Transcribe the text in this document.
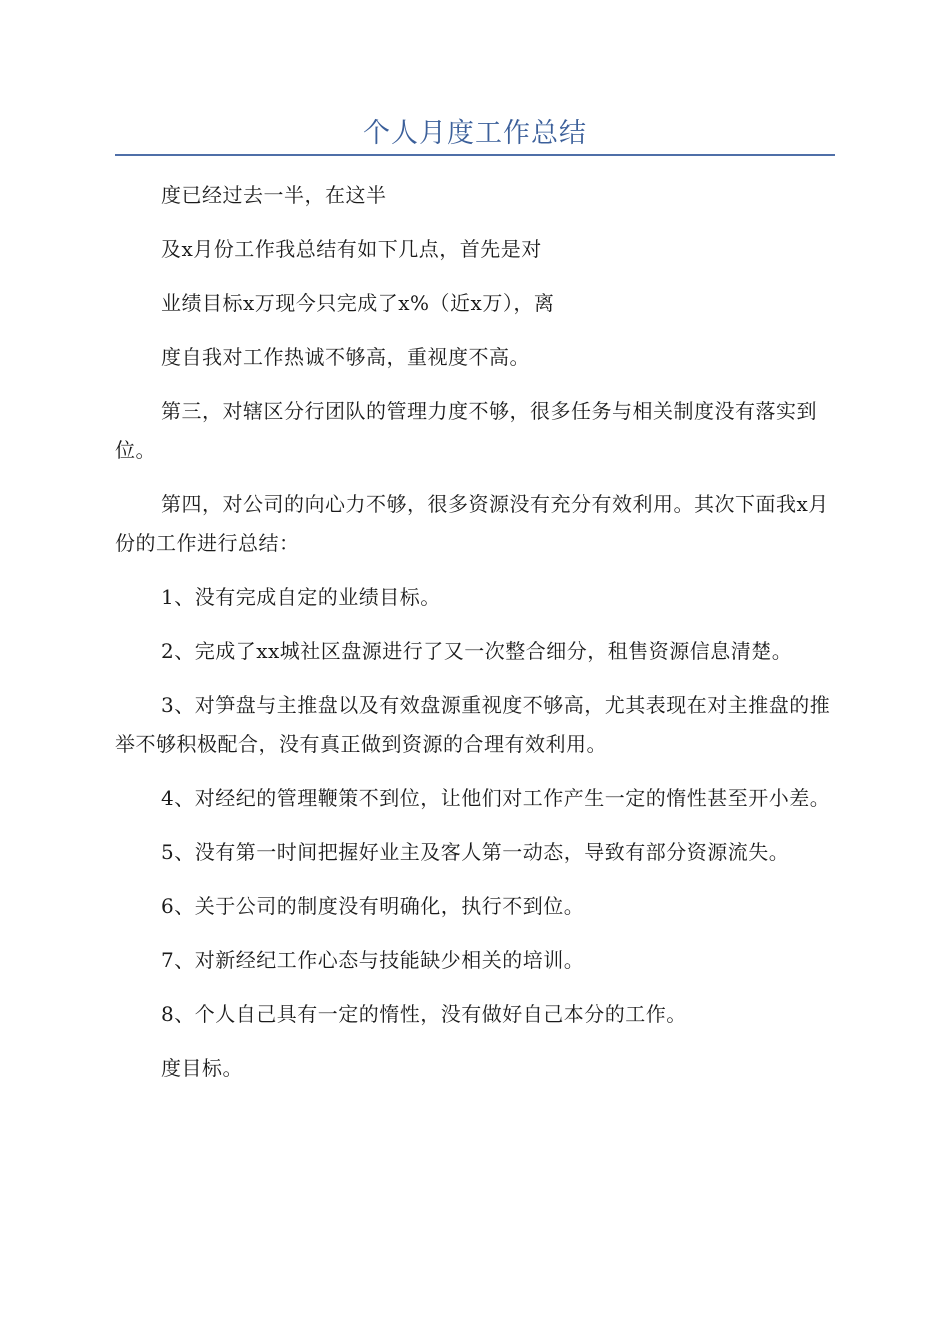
个人月度工作总结

度已经过去一半，在这半

及x月份工作我总结有如下几点，首先是对

业绩目标x万现今只完成了x%（近x万），离

度自我对工作热诚不够高，重视度不高。

第三，对辖区分行团队的管理力度不够，很多任务与相关制度没有落实到位。

第四，对公司的向心力不够，很多资源没有充分有效利用。其次下面我x月份的工作进行总结：

1、没有完成自定的业绩目标。

2、完成了xx城社区盘源进行了又一次整合细分，租售资源信息清楚。

3、对笋盘与主推盘以及有效盘源重视度不够高，尤其表现在对主推盘的推举不够积极配合，没有真正做到资源的合理有效利用。

4、对经纪的管理鞭策不到位，让他们对工作产生一定的惰性甚至开小差。

5、没有第一时间把握好业主及客人第一动态，导致有部分资源流失。

6、关于公司的制度没有明确化，执行不到位。

7、对新经纪工作心态与技能缺少相关的培训。

8、个人自己具有一定的惰性，没有做好自己本分的工作。

度目标。
